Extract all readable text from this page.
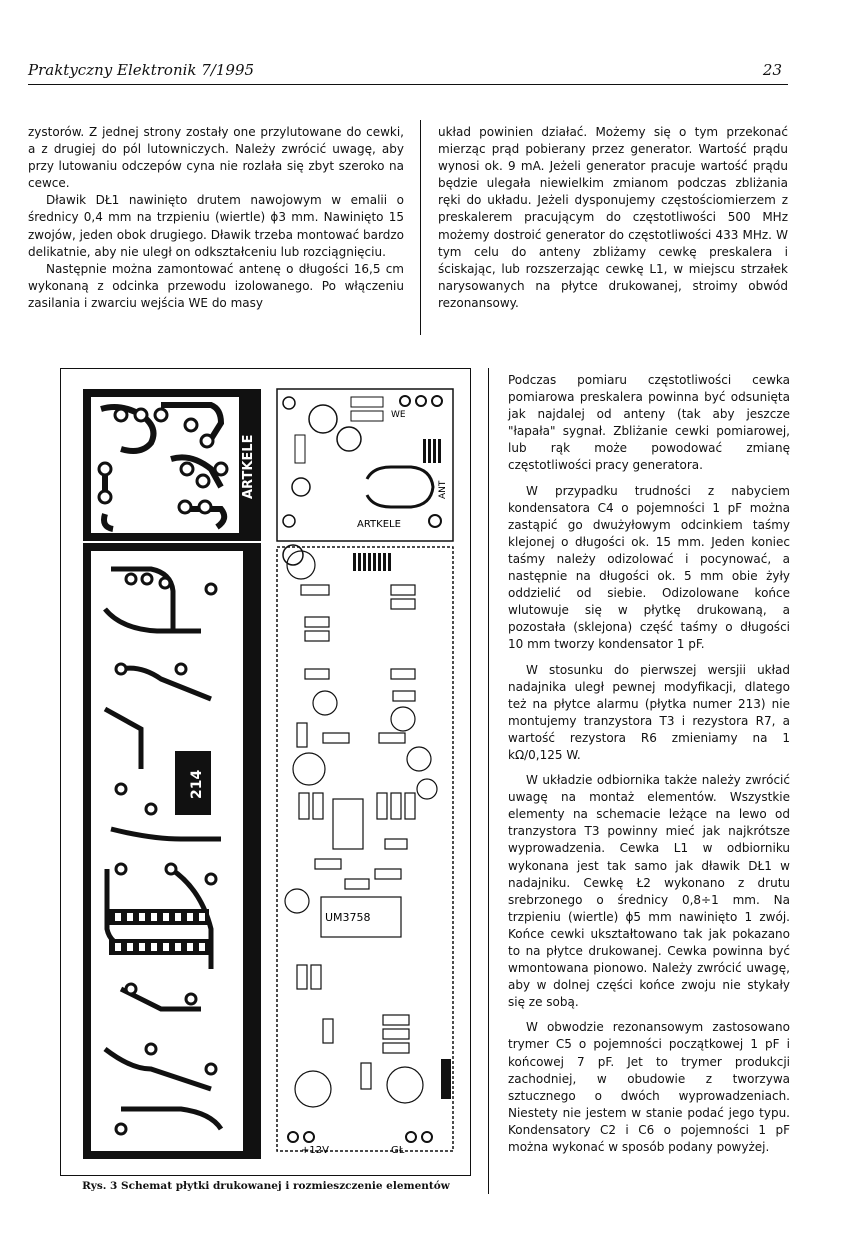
Praktyczny Elektronik 7/1995	23

zystorów. Z jednej strony zostały one przylutowane do cewki, a z drugiej do pól lutowniczych. Należy zwrócić uwagę, aby przy lutowaniu odczepów cyna nie rozlała się zbyt szeroko na cewce.

Dławik DŁ1 nawinięto drutem nawojowym w emalii o średnicy 0,4 mm na trzpieniu (wiertle) ϕ3 mm. Nawinięto 15 zwojów, jeden obok drugiego. Dławik trzeba montować bardzo delikatnie, aby nie uległ on odkształceniu lub rozciągnięciu.

Następnie można zamontować antenę o długości 16,5 cm wykonaną z odcinka przewodu izolowanego. Po włączeniu zasilania i zwarciu wejścia WE do masy

układ powinien działać. Możemy się o tym przekonać mierząc prąd pobierany przez generator. Wartość prądu wynosi ok. 9 mA. Jeżeli generator pracuje wartość prądu będzie ulegała niewielkim zmianom podczas zbliżania ręki do układu. Jeżeli dysponujemy częstościomierzem z preskalerem pracującym do częstotliwości 500 MHz możemy dostroić generator do częstotliwości 433 MHz. W tym celu do anteny zbliżamy cewkę preskalera i ściskając, lub rozszerzając cewkę L1, w miejscu strzałek narysowanych na płytce drukowanej, stroimy obwód rezonansowy.

ARTKELE
WE
ANT
ARTKELE
214
UM3758
+12V	GŁ
Rys. 3 Schemat płytki drukowanej i rozmieszczenie elementów

Podczas pomiaru częstotliwości cewka pomiarowa preskalera powinna być odsunięta jak najdalej od anteny (tak aby jeszcze "łapała" sygnał. Zbliżanie cewki pomiarowej, lub rąk może powodować zmianę częstotliwości pracy generatora.

W przypadku trudności z nabyciem kondensatora C4 o pojemności 1 pF można zastąpić go dwużyłowym odcinkiem taśmy klejonej o długości ok. 15 mm. Jeden koniec taśmy należy odizolować i pocynować, a następnie na długości ok. 5 mm obie żyły oddzielić od siebie. Odizolowane końce wlutowuje się w płytkę drukowaną, a pozostała (sklejona) część taśmy o długości 10 mm tworzy kondensator 1 pF.

W stosunku do pierwszej wersjii układ nadajnika uległ pewnej modyfikacji, dlatego też na płytce alarmu (płytka numer 213) nie montujemy tranzystora T3 i rezystora R7, a wartość rezystora R6 zmieniamy na 1 kΩ/0,125 W.

W układzie odbiornika także należy zwrócić uwagę na montaż elementów. Wszystkie elementy na schemacie leżące na lewo od tranzystora T3 powinny mieć jak najkrótsze wyprowadzenia. Cewka L1 w odbiorniku wykonana jest tak samo jak dławik DŁ1 w nadajniku. Cewkę Ł2 wykonano z drutu srebrzonego o średnicy 0,8÷1 mm. Na trzpieniu (wiertle) ϕ5 mm nawinięto 1 zwój. Końce cewki ukształtowano tak jak pokazano to na płytce drukowanej. Cewka powinna być wmontowana pionowo. Należy zwrócić uwagę, aby w dolnej części końce zwoju nie stykały się ze sobą.

W obwodzie rezonansowym zastosowano trymer C5 o pojemności początkowej 1 pF i końcowej 7 pF. Jet to trymer produkcji zachodniej, w obudowie z tworzywa sztucznego o dwóch wyprowadzeniach. Niestety nie jestem w stanie podać jego typu. Kondensatory C2 i C6 o pojemności 1 pF można wykonać w sposób podany powyżej.
